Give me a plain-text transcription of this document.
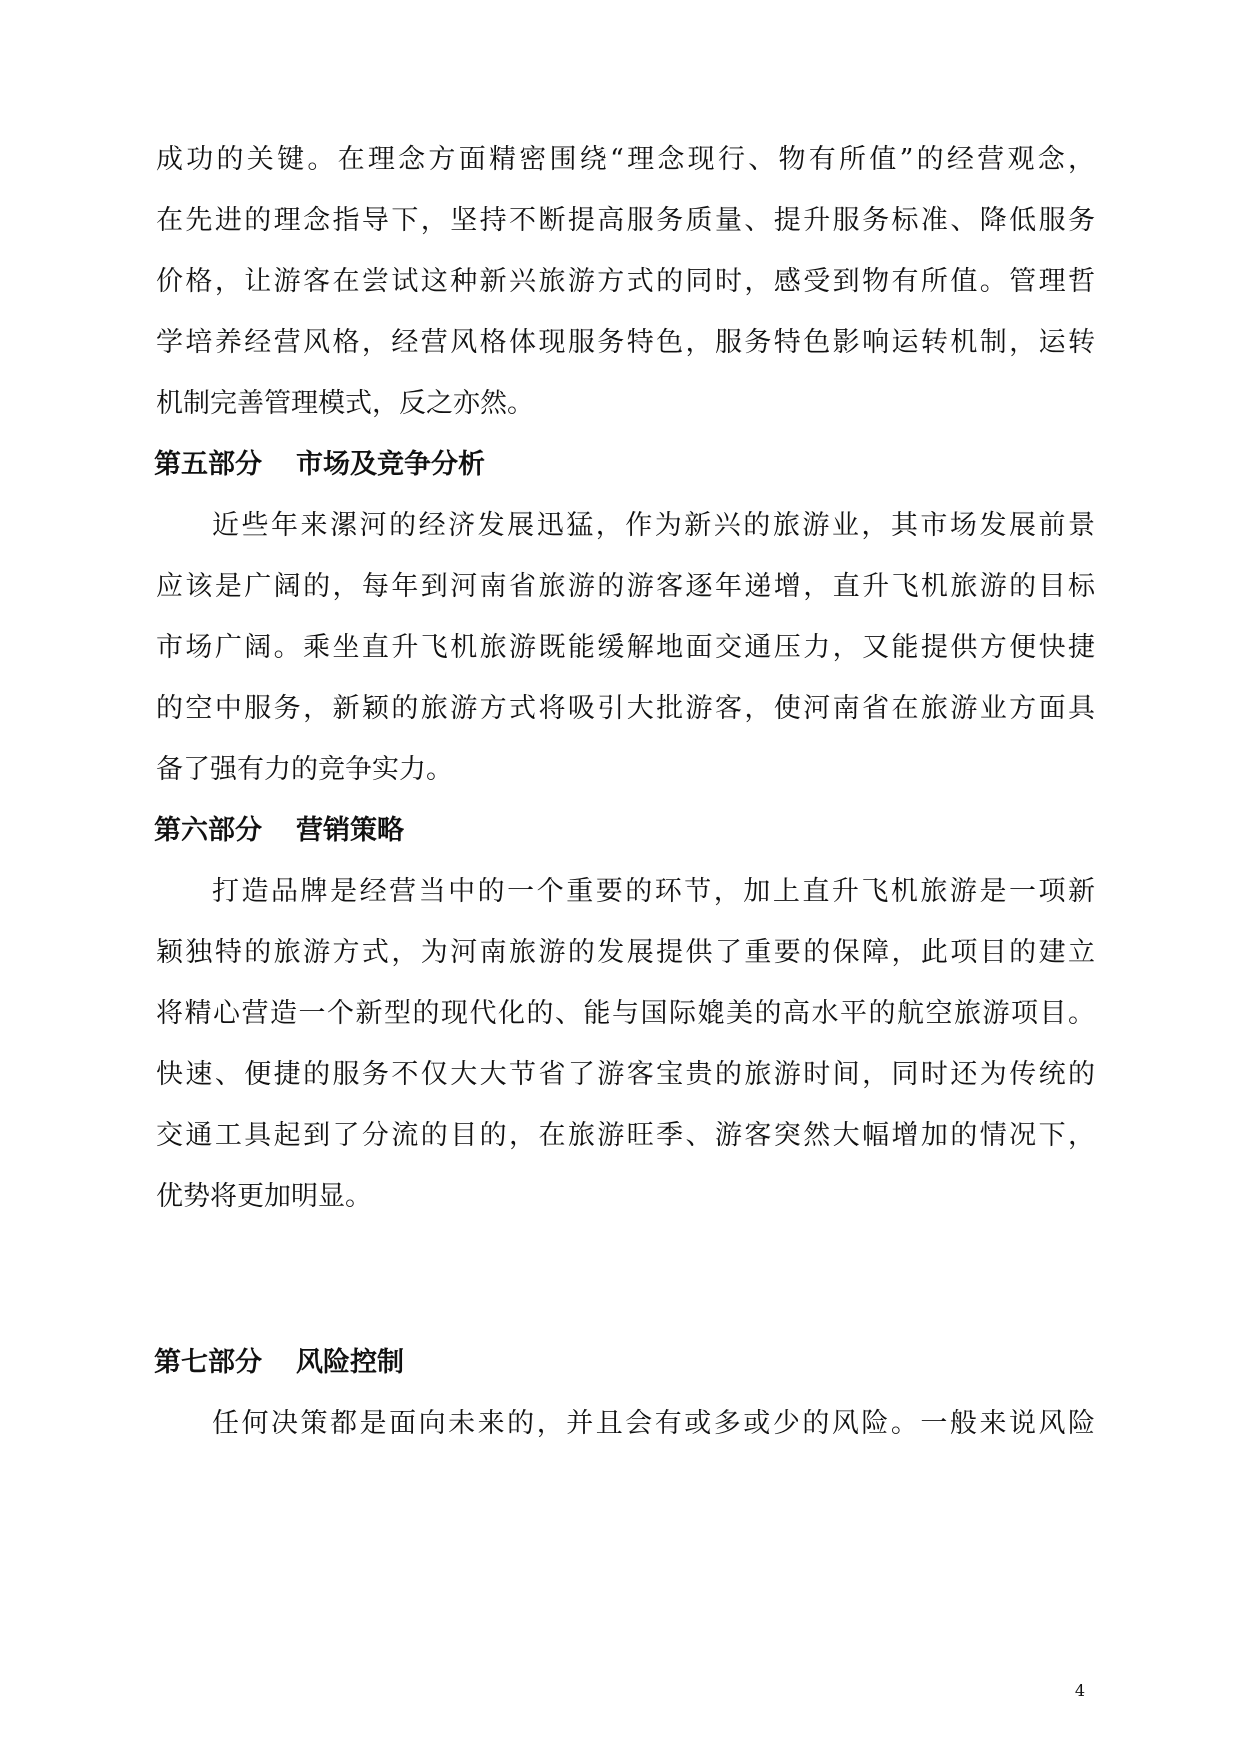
成功的关键。在理念方面精密围绕“理念现行、物有所值”的经营观念，
在先进的理念指导下，坚持不断提高服务质量、提升服务标准、降低服务
价格，让游客在尝试这种新兴旅游方式的同时，感受到物有所值。管理哲
学培养经营风格，经营风格体现服务特色，服务特色影响运转机制，运转
机制完善管理模式，反之亦然。
第五部分 市场及竞争分析
近些年来漯河的经济发展迅猛，作为新兴的旅游业，其市场发展前景
应该是广阔的，每年到河南省旅游的游客逐年递增，直升飞机旅游的目标
市场广阔。乘坐直升飞机旅游既能缓解地面交通压力，又能提供方便快捷
的空中服务，新颖的旅游方式将吸引大批游客，使河南省在旅游业方面具
备了强有力的竞争实力。
第六部分 营销策略
打造品牌是经营当中的一个重要的环节，加上直升飞机旅游是一项新
颖独特的旅游方式，为河南旅游的发展提供了重要的保障，此项目的建立
将精心营造一个新型的现代化的、能与国际媲美的高水平的航空旅游项目。
快速、便捷的服务不仅大大节省了游客宝贵的旅游时间，同时还为传统的
交通工具起到了分流的目的，在旅游旺季、游客突然大幅增加的情况下，
优势将更加明显。
第七部分 风险控制
任何决策都是面向未来的，并且会有或多或少的风险。一般来说风险
4
